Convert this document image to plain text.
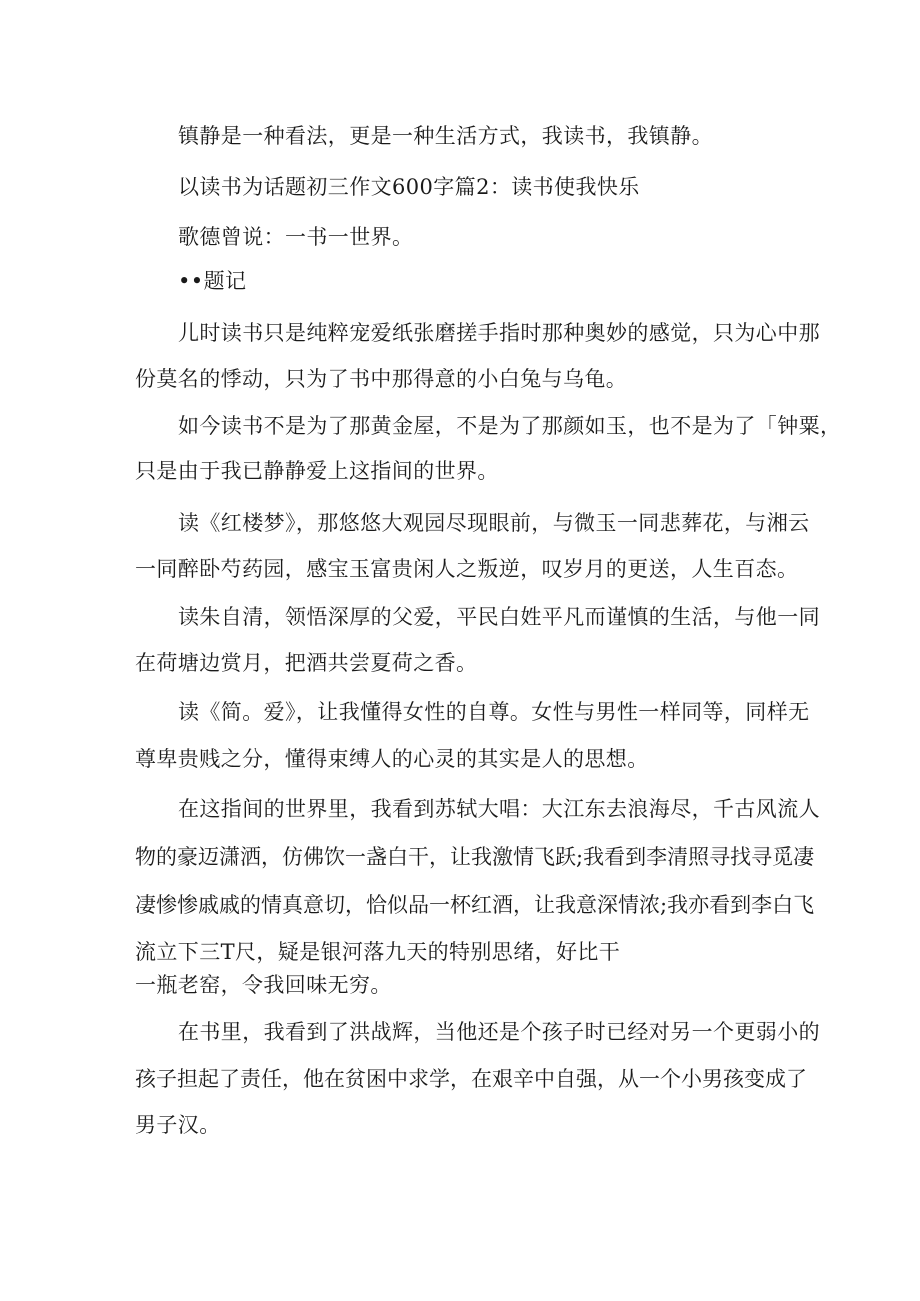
镇静是一种看法，更是一种生活方式，我读书，我镇静。
以读书为话题初三作文600字篇2：读书使我快乐
歌德曾说：一书一世界。
••题记
儿时读书只是纯粹宠爱纸张磨搓手指时那种奥妙的感觉，只为心中那
份莫名的悸动，只为了书中那得意的小白兔与乌龟。
如今读书不是为了那黄金屋，不是为了那颜如玉，也不是为了「钟粟，
只是由于我已静静爱上这指间的世界。
读《红楼梦》，那悠悠大观园尽现眼前，与微玉一同悲葬花，与湘云
一同醉卧芍药园，感宝玉富贵闲人之叛逆，叹岁月的更送，人生百态。
读朱自清，领悟深厚的父爱，平民白姓平凡而谨慎的生活，与他一同
在荷塘边赏月，把酒共尝夏荷之香。
读《简。爱》，让我懂得女性的自尊。女性与男性一样同等，同样无
尊卑贵贱之分，懂得束缚人的心灵的其实是人的思想。
在这指间的世界里，我看到苏轼大唱：大江东去浪海尽，千古风流人
物的豪迈潇洒，仿佛饮一盏白干，让我激情飞跃;我看到李清照寻找寻觅凄
凄惨惨戚戚的情真意切，恰似品一杯红酒，让我意深情浓;我亦看到李白飞
流立下三T尺，疑是银河落九天的特别思绪，好比干
一瓶老窑，令我回味无穷。
在书里，我看到了洪战辉，当他还是个孩子时已经对另一个更弱小的
孩子担起了责任，他在贫困中求学，在艰辛中自强，从一个小男孩变成了
男子汉。
